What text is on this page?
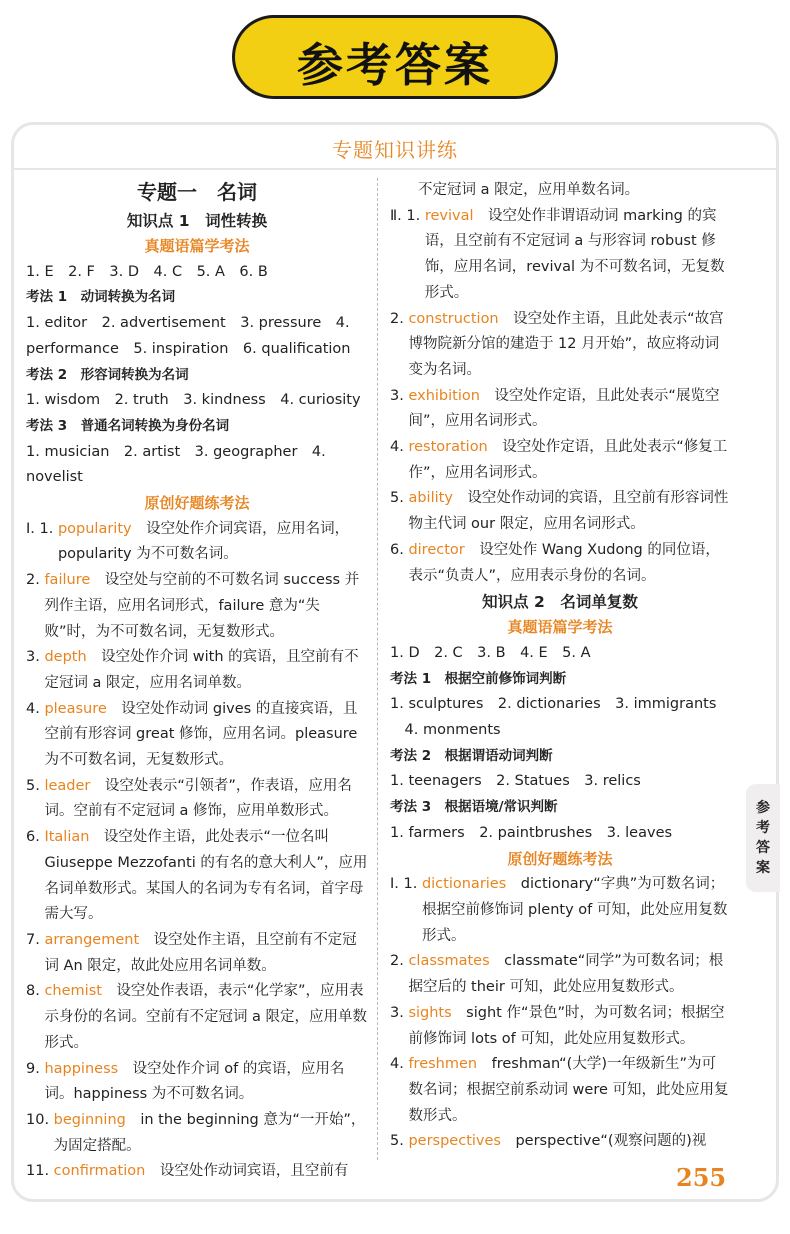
参考答案
专题知识讲练
专题一　名词
知识点 1　词性转换
真题语篇学考法
1. E　2. F　3. D　4. C　5. A　6. B
考法 1　动词转换为名词
1. editor　2. advertisement　3. pressure　4.
performance　5. inspiration　6. qualification
考法 2　形容词转换为名词
1. wisdom　2. truth　3. kindness　4. curiosity
考法 3　普通名词转换为身份名词
1. musician　2. artist　3. geographer　4. novelist
原创好题练考法
Ⅰ. 1. popularity　设空处作介词宾语，应用名词，popularity 为不可数名词。
2. failure　设空处与空前的不可数名词 success 并列作主语，应用名词形式，failure 意为“失败”时，为不可数名词，无复数形式。
3. depth　设空处作介词 with 的宾语，且空前有不定冠词 a 限定，应用名词单数。
4. pleasure　设空处作动词 gives 的直接宾语，且空前有形容词 great 修饰，应用名词。pleasure 为不可数名词，无复数形式。
5. leader　设空处表示“引领者”，作表语，应用名词。空前有不定冠词 a 修饰，应用单数形式。
6. Italian　设空处作主语，此处表示“一位名叫 Giuseppe Mezzofanti 的有名的意大利人”，应用名词单数形式。某国人的名词为专有名词，首字母需大写。
7. arrangement　设空处作主语，且空前有不定冠词 An 限定，故此处应用名词单数。
8. chemist　设空处作表语，表示“化学家”，应用表示身份的名词。空前有不定冠词 a 限定，应用单数形式。
9. happiness　设空处作介词 of 的宾语，应用名词。happiness 为不可数名词。
10. beginning　in the beginning 意为“一开始”，为固定搭配。
11. confirmation　设空处作动词宾语，且空前有
不定冠词 a 限定，应用单数名词。
Ⅱ. 1. revival　设空处作非谓语动词 marking 的宾语，且空前有不定冠词 a 与形容词 robust 修饰，应用名词，revival 为不可数名词，无复数形式。
2. construction　设空处作主语，且此处表示“故宫博物院新分馆的建造于 12 月开始”，故应将动词变为名词。
3. exhibition　设空处作定语，且此处表示“展览空间”，应用名词形式。
4. restoration　设空处作定语，且此处表示“修复工作”，应用名词形式。
5. ability　设空处作动词的宾语，且空前有形容词性物主代词 our 限定，应用名词形式。
6. director　设空处作 Wang Xudong 的同位语，表示“负责人”，应用表示身份的名词。
知识点 2　名词单复数
真题语篇学考法
1. D　2. C　3. B　4. E　5. A
考法 1　根据空前修饰词判断
1. sculptures　2. dictionaries　3. immigrants
　4. monments
考法 2　根据谓语动词判断
1. teenagers　2. Statues　3. relics
考法 3　根据语境/常识判断
1. farmers　2. paintbrushes　3. leaves
原创好题练考法
Ⅰ. 1. dictionaries　dictionary“字典”为可数名词；根据空前修饰词 plenty of 可知，此处应用复数形式。
2. classmates　classmate“同学”为可数名词；根据空后的 their 可知，此处应用复数形式。
3. sights　sight 作“景色”时，为可数名词；根据空前修饰词 lots of 可知，此处应用复数形式。
4. freshmen　freshman“(大学)一年级新生”为可数名词；根据空前系动词 were 可知，此处应用复数形式。
5. perspectives　perspective“(观察问题的)视
参考答案
255
